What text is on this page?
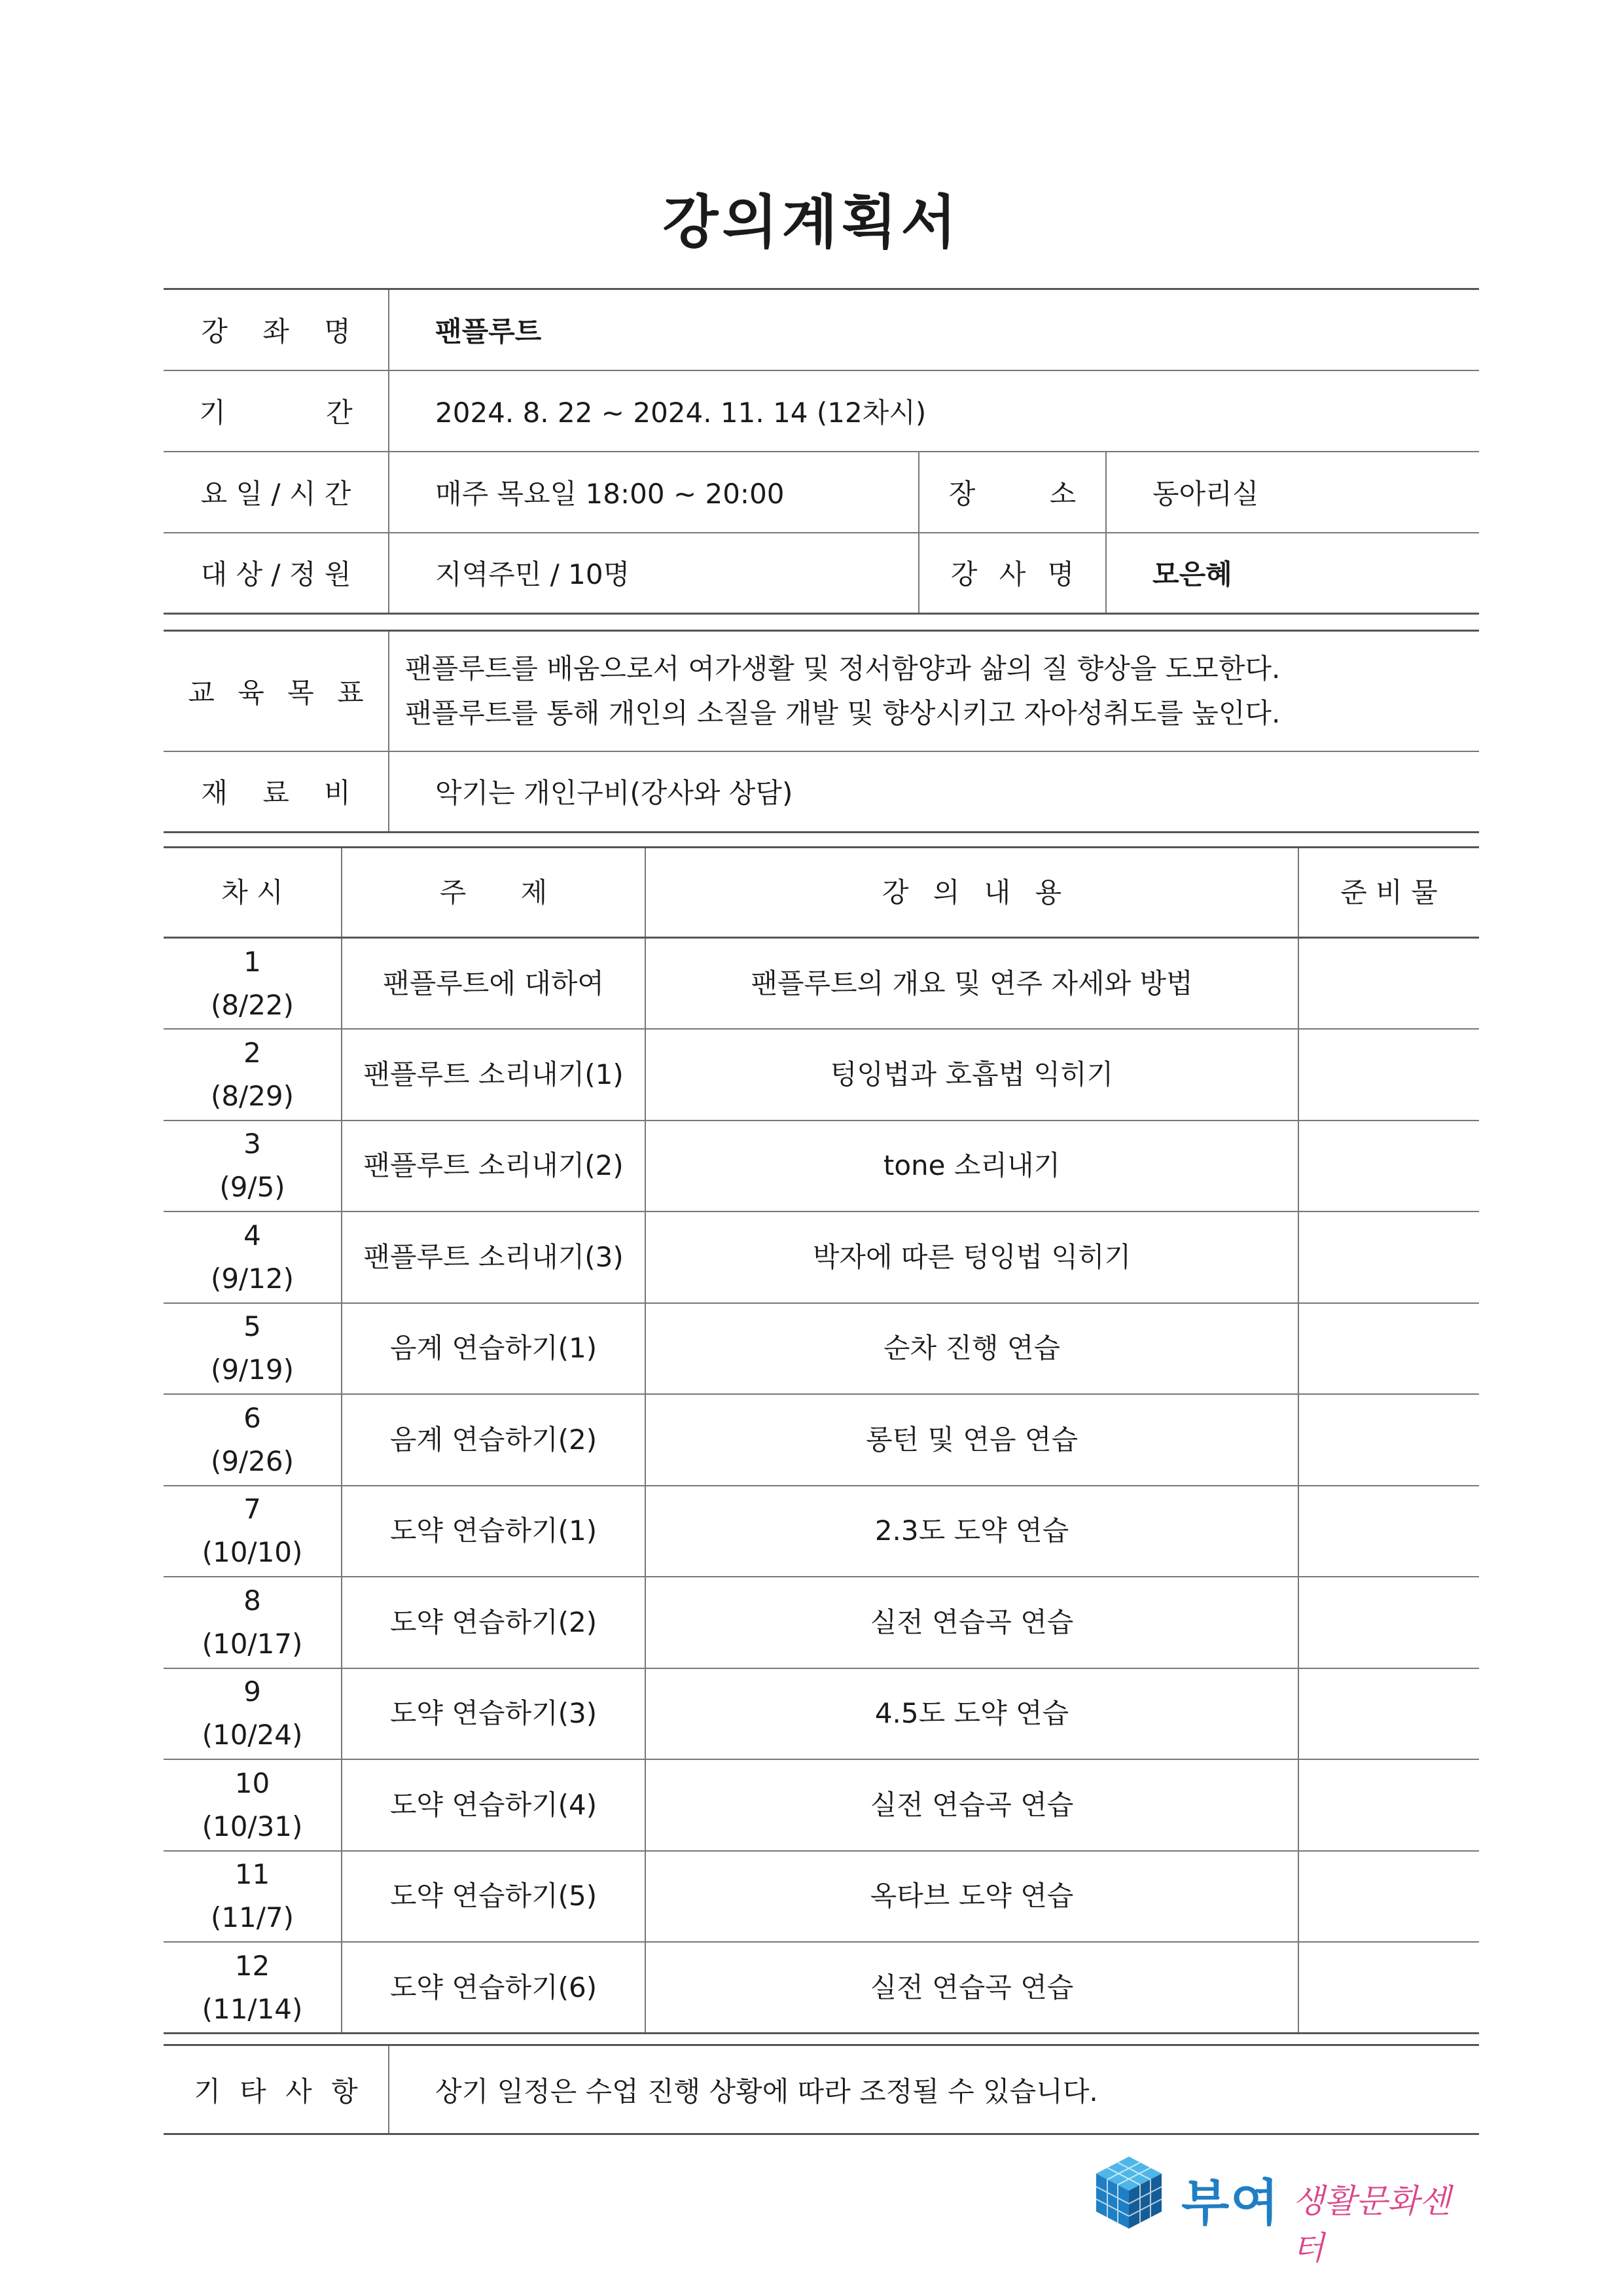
강의계획서
강 좌 명	팬플루트		
기 간	2024. 8. 22 ~ 2024. 11. 14 (12차시)		
요 일 / 시 간	매주 목요일 18:00 ~ 20:00	장 소	동아리실
대 상 / 정 원	지역주민 / 10명	강 사 명	모은혜
교 육 목 표	팬플루트를 배움으로서 여가생활 및 정서함양과 삶의 질 향상을 도모한다.
팬플루트를 통해 개인의 소질을 개발 및 향상시키고 자아성취도를 높인다.

재 료 비	악기는 개인구비(강사와 상담)
차 시	주 제	강 의 내 용	준 비 물

1
(8/22)	팬플루트에 대하여	팬플루트의 개요 및 연주 자세와 방법	

2
(8/29)	팬플루트 소리내기(1)	텅잉법과 호흡법 익히기	

3
(9/5)	팬플루트 소리내기(2)	tone 소리내기	

4
(9/12)	팬플루트 소리내기(3)	박자에 따른 텅잉법 익히기	

5
(9/19)	음계 연습하기(1)	순차 진행 연습	

6
(9/26)	음계 연습하기(2)	롱턴 및 연음 연습	

7
(10/10)	도약 연습하기(1)	2.3도 도약 연습	

8
(10/17)	도약 연습하기(2)	실전 연습곡 연습	

9
(10/24)	도약 연습하기(3)	4.5도 도약 연습	

10
(10/31)	도약 연습하기(4)	실전 연습곡 연습	

11
(11/7)	도약 연습하기(5)	옥타브 도약 연습	

12
(11/14)	도약 연습하기(6)	실전 연습곡 연습	
기 타 사 항	상기 일정은 수업 진행 상황에 따라 조정될 수 있습니다.
부여 생활문화센터
